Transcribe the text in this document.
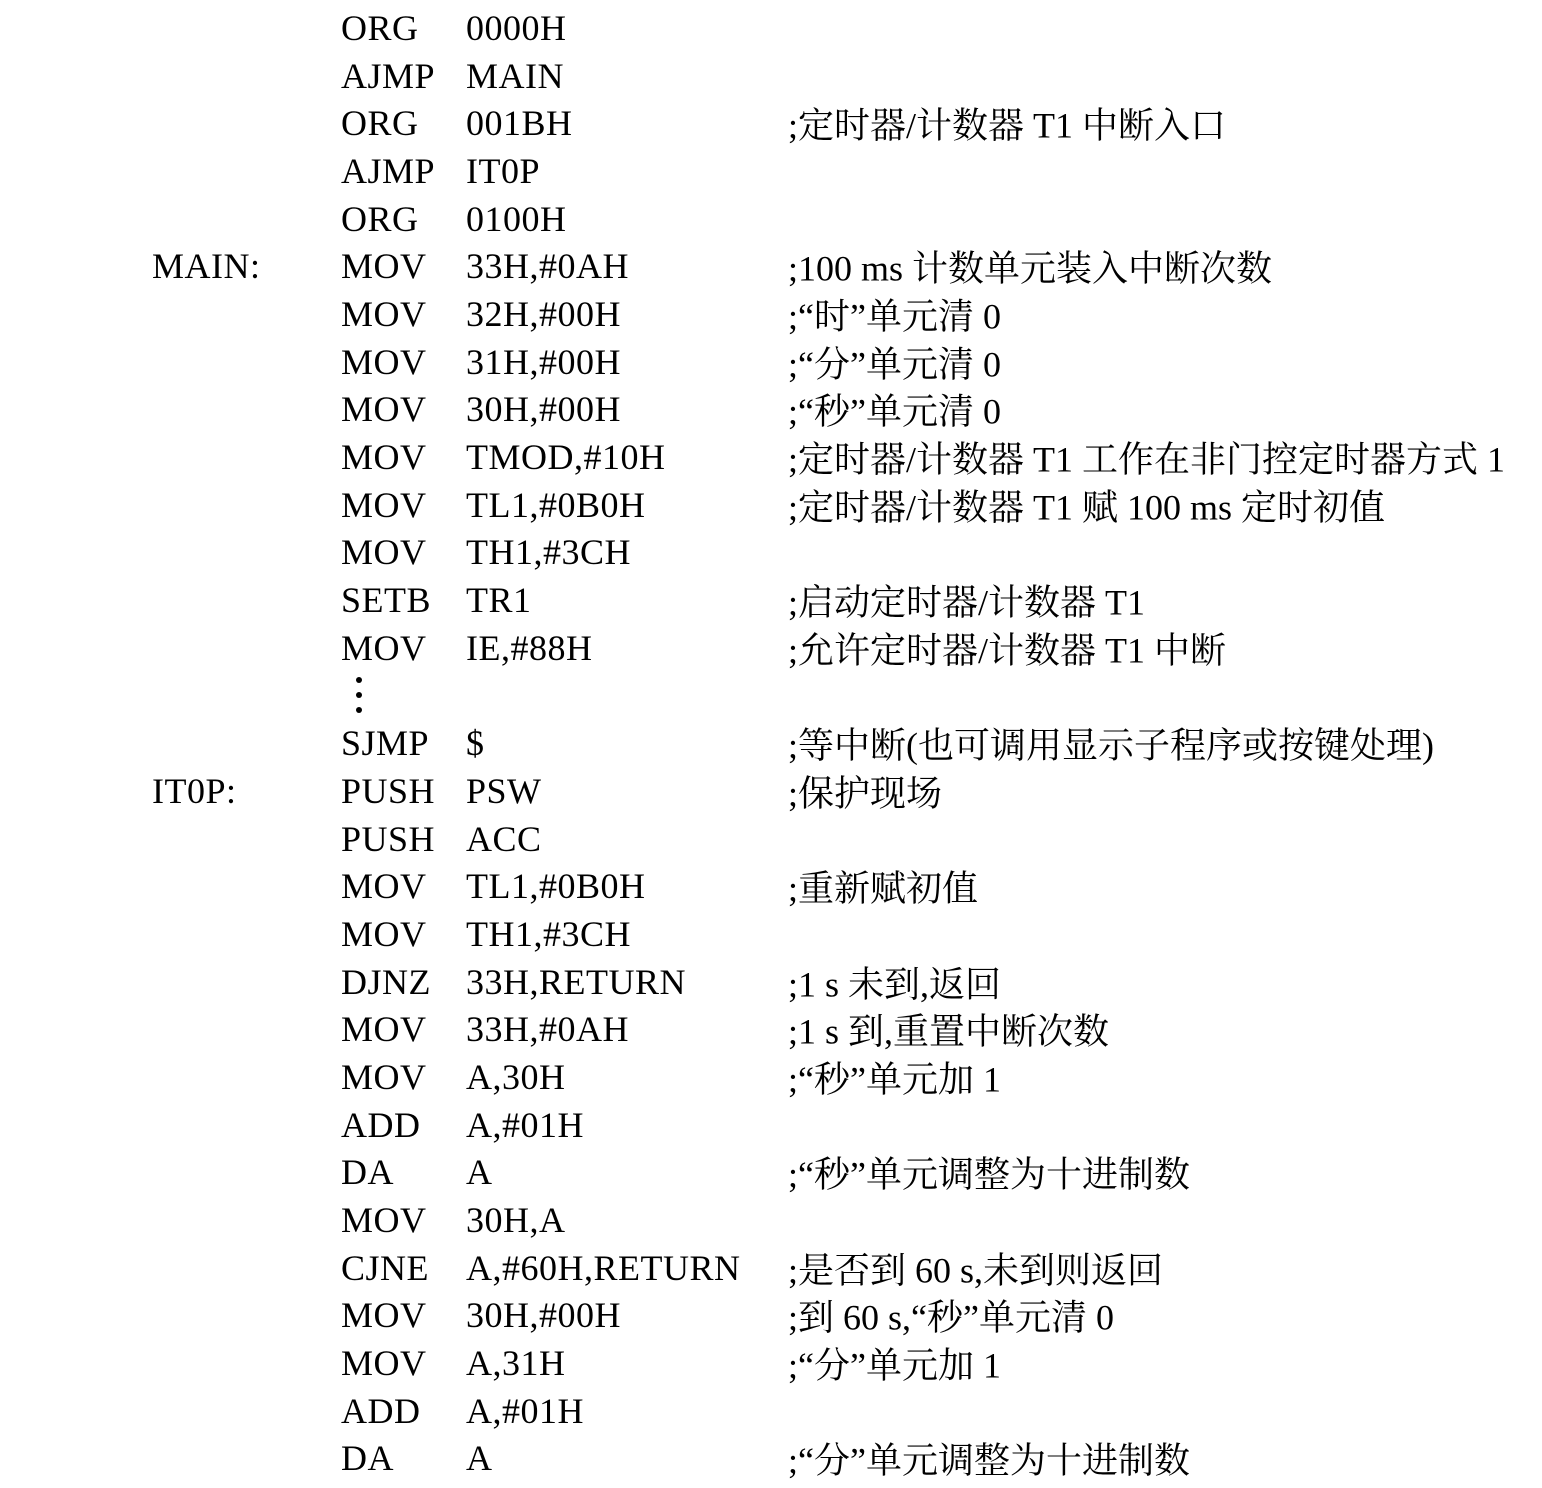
ORG 0000H
AJMP MAIN
ORG 001BH	;定时器/计数器 T1 中断入口
AJMP IT0P
ORG 0100H
MAIN: MOV 33H,#0AH	;100 ms 计数单元装入中断次数
MOV 32H,#00H	;“时”单元清 0
MOV 31H,#00H	;“分”单元清 0
MOV 30H,#00H	;“秒”单元清 0
MOV TMOD,#10H	;定时器/计数器 T1 工作在非门控定时器方式 1
MOV TL1,#0B0H	;定时器/计数器 T1 赋 100 ms 定时初值
MOV TH1,#3CH
SETB TR1	;启动定时器/计数器 T1
MOV IE,#88H	;允许定时器/计数器 T1 中断
SJMP $	;等中断(也可调用显示子程序或按键处理)
IT0P:	PUSH PSW	;保护现场
PUSH ACC
MOV TL1,#0B0H	;重新赋初值
MOV TH1,#3CH
DJNZ 33H,RETURN	;1 s 未到,返回
MOV 33H,#0AH	;1 s 到,重置中断次数
MOV A,30H	;“秒”单元加 1
ADD A,#01H
DA A	;“秒”单元调整为十进制数
MOV 30H,A
CJNE A,#60H,RETURN ;是否到 60 s,未到则返回
MOV 30H,#00H	;到 60 s,“秒”单元清 0
MOV A,31H	;“分”单元加 1
ADD A,#01H
DA A	;“分”单元调整为十进制数
